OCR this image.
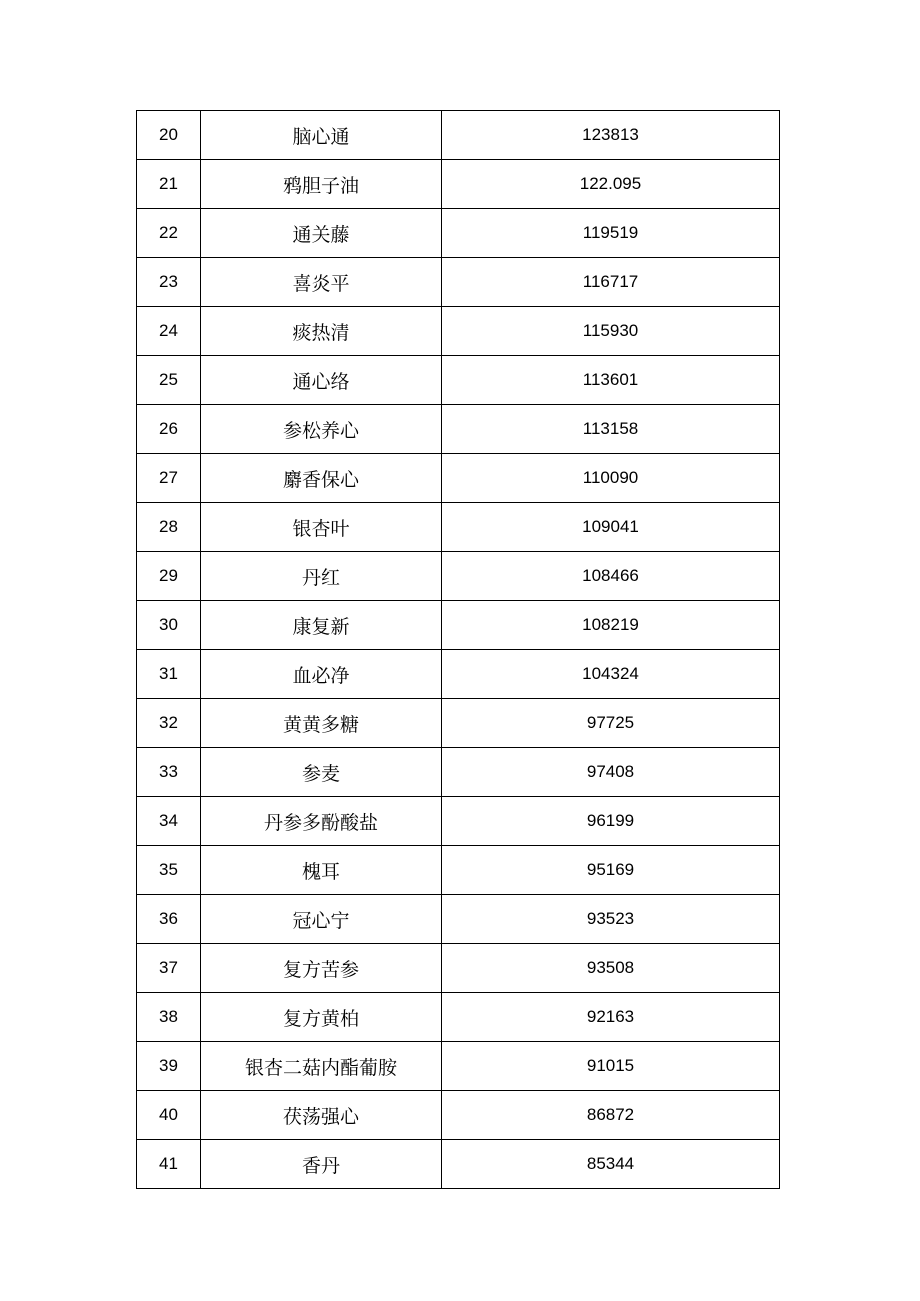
20	脑心通	123813
21	鸦胆子油	122.095
22	通关藤	119519
23	喜炎平	116717
24	痰热清	115930
25	通心络	113601
26	参松养心	113158
27	麝香保心	110090
28	银杏叶	109041
29	丹红	108466
30	康复新	108219
31	血必净	104324
32	黄黄多糖	97725
33	参麦	97408
34	丹参多酚酸盐	96199
35	槐耳	95169
36	冠心宁	93523
37	复方苦参	93508
38	复方黄柏	92163
39	银杏二菇内酯葡胺	91015
40	茯荡强心	86872
41	香丹	85344
